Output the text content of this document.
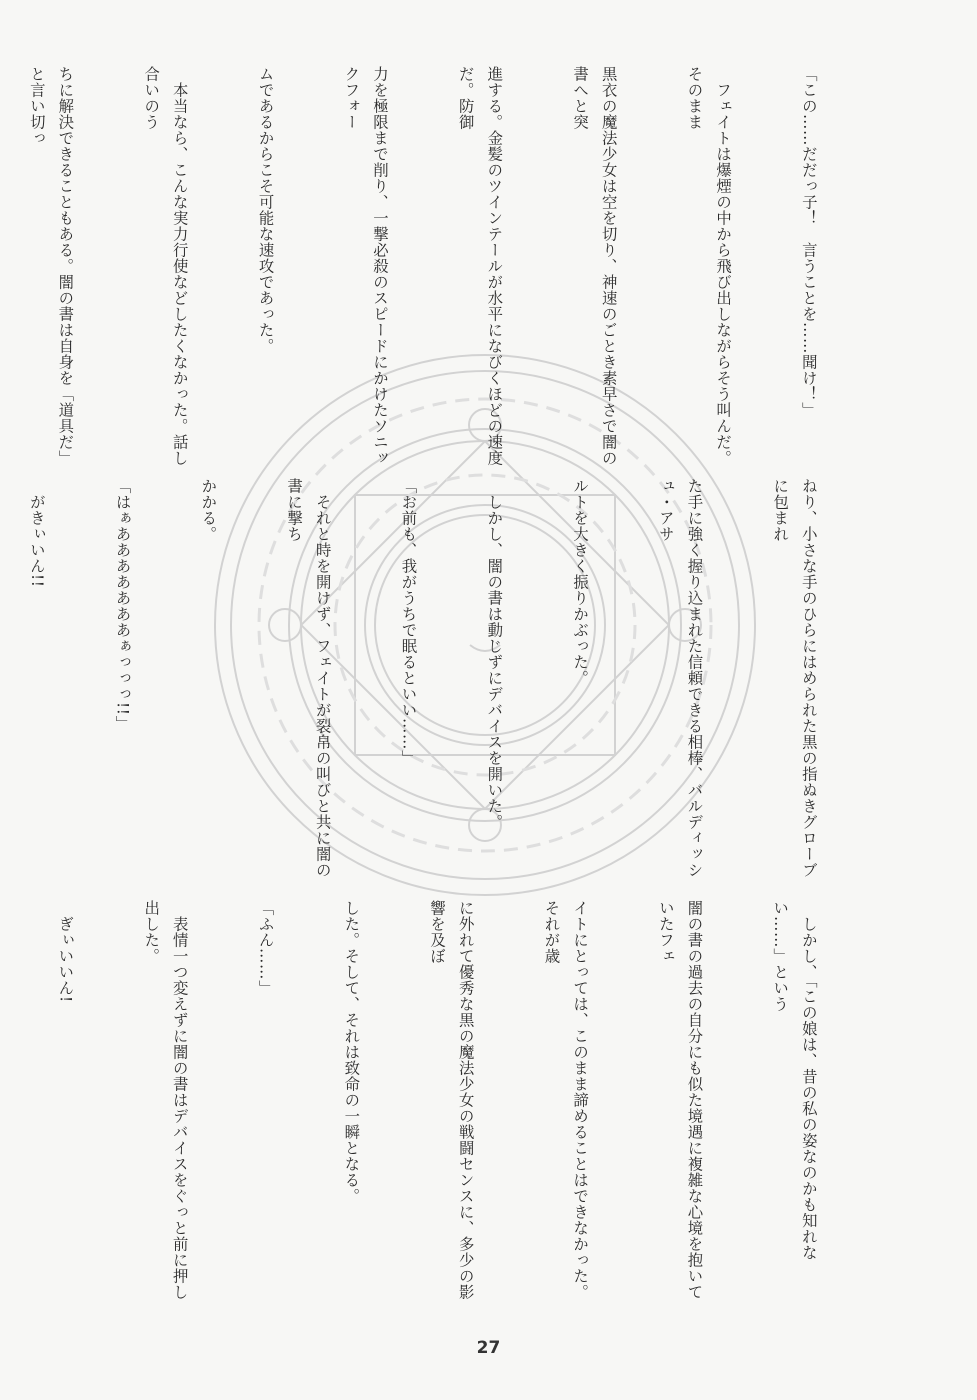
「この……だだっ子！　言うことを……聞け！」

　フェイトは爆煙の中から飛び出しながらそう叫んだ。そのまま

黒衣の魔法少女は空を切り、神速のごとき素早さで闇の書へと突

進する。金髪のツインテールが水平になびくほどの速度だ。防御

力を極限まで削り、一撃必殺のスピードにかけたソニックフォー

ムであるからこそ可能な速攻であった。

　本当なら、こんな実力行使などしたくなかった。話し合いのう

ちに解決できることもある。闇の書は自身を「道具だ」と言い切っ

ねり、小さな手のひらにはめられた黒の指ぬきグローブに包まれ

た手に強く握り込まれた信頼できる相棒、バルディッシュ・アサ

ルトを大きく振りかぶった。

　しかし、闇の書は動じずにデバイスを開いた。

「お前も、我がうちで眠るといい……」

　それと時を開けず、フェイトが裂帛の叫びと共に闇の書に撃ち

かかる。

「はぁあああああああぁっっっ!!」

　がきぃいん!!

　しかし、「この娘は、昔の私の姿なのかも知れない……」という

闇の書の過去の自分にも似た境遇に複雑な心境を抱いていたフェ

イトにとっては、このまま諦めることはできなかった。それが歳

に外れて優秀な黒の魔法少女の戦闘センスに、多少の影響を及ぼ

した。そして、それは致命の一瞬となる。

「ふん……」

　表情一つ変えずに闇の書はデバイスをぐっと前に押し出した。

　ぎぃいいん!

27
